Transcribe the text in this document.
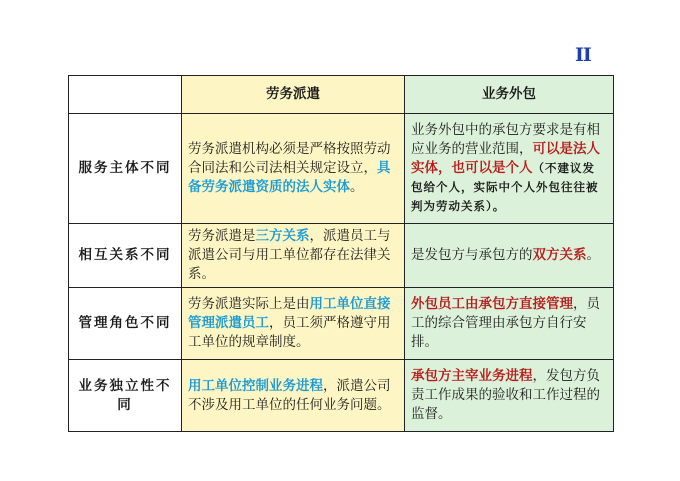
II
	劳务派遣	业务外包
服务主体不同	劳务派遣机构必须是严格按照劳动合同法和公司法相关规定设立，具备劳务派遣资质的法人实体。	业务外包中的承包方要求是有相应业务的营业范围，可以是法人实体，也可以是个人（不建议发包给个人，实际中个人外包往往被判为劳动关系）。
相互关系不同	劳务派遣是三方关系，派遣员工与派遣公司与用工单位都存在法律关系。	是发包方与承包方的双方关系。
管理角色不同	劳务派遣实际上是由用工单位直接管理派遣员工，员工须严格遵守用工单位的规章制度。	外包员工由承包方直接管理，员工的综合管理由承包方自行安排。
业务独立性不同	用工单位控制业务进程，派遣公司不涉及用工单位的任何业务问题。	承包方主宰业务进程，发包方负责工作成果的验收和工作过程的监督。
